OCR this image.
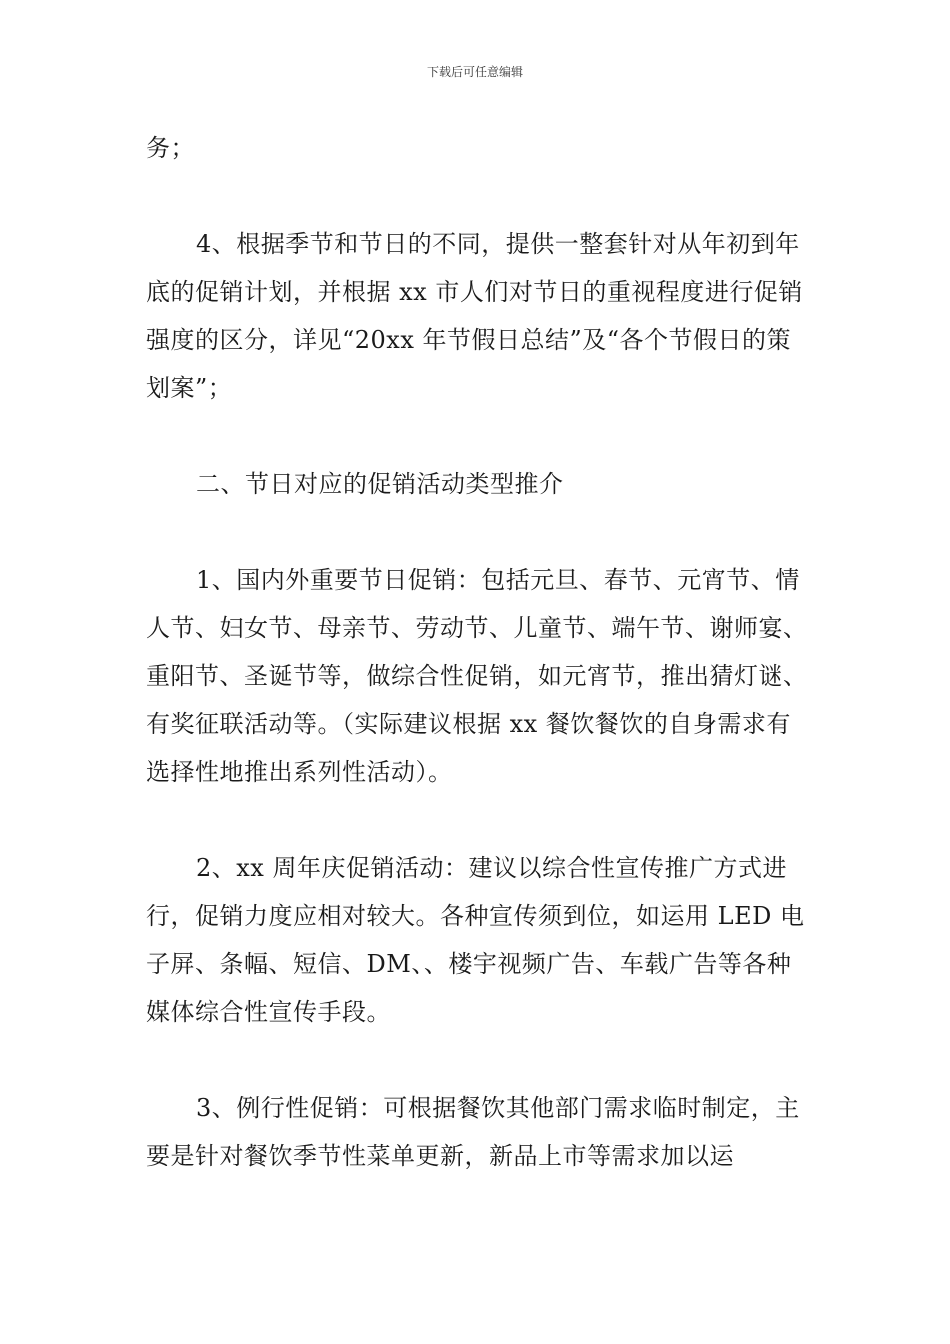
下载后可任意编辑

务；

4、根据季节和节日的不同，提供一整套针对从年初到年底的促销计划，并根据 xx 市人们对节日的重视程度进行促销强度的区分，详见“20xx 年节假日总结”及“各个节假日的策划案”；

二、节日对应的促销活动类型推介

1、国内外重要节日促销：包括元旦、春节、元宵节、情人节、妇女节、母亲节、劳动节、儿童节、端午节、谢师宴、重阳节、圣诞节等，做综合性促销，如元宵节，推出猜灯谜、有奖征联活动等。（实际建议根据 xx 餐饮餐饮的自身需求有选择性地推出系列性活动）。

2、xx 周年庆促销活动：建议以综合性宣传推广方式进行，促销力度应相对较大。各种宣传须到位，如运用 LED 电子屏、条幅、短信、DM、、楼宇视频广告、车载广告等各种媒体综合性宣传手段。

3、例行性促销：可根据餐饮其他部门需求临时制定，主要是针对餐饮季节性菜单更新，新品上市等需求加以运
